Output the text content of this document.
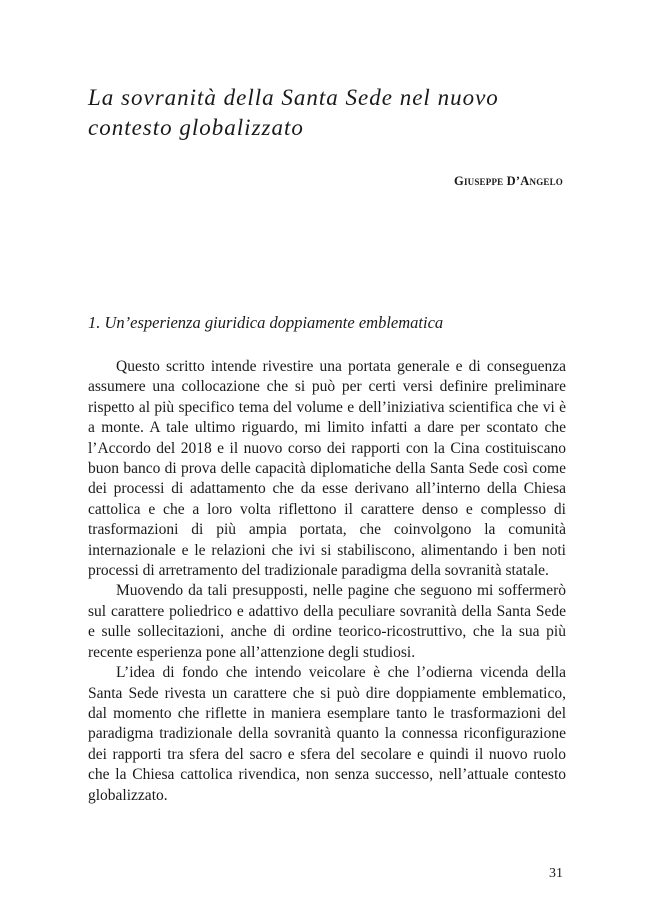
La sovranità della Santa Sede nel nuovo contesto globalizzato

Giuseppe D’Angelo

1. Un’esperienza giuridica doppiamente emblematica

Questo scritto intende rivestire una portata generale e di conseguenza assumere una collocazione che si può per certi versi definire preliminare rispetto al più specifico tema del volume e dell’iniziativa scientifica che vi è a monte. A tale ultimo riguardo, mi limito infatti a dare per scontato che l’Accordo del 2018 e il nuovo corso dei rapporti con la Cina costituiscano buon banco di prova delle capacità diplomatiche della Santa Sede così come dei processi di adattamento che da esse derivano all’interno della Chiesa cattolica e che a loro volta riflettono il carattere denso e complesso di trasformazioni di più ampia portata, che coinvolgono la comunità internazionale e le relazioni che ivi si stabiliscono, alimentando i ben noti processi di arretramento del tradizionale paradigma della sovranità statale.

Muovendo da tali presupposti, nelle pagine che seguono mi soffermerò sul carattere poliedrico e adattivo della peculiare sovranità della Santa Sede e sulle sollecitazioni, anche di ordine teorico-ricostruttivo, che la sua più recente esperienza pone all’attenzione degli studiosi.

L’idea di fondo che intendo veicolare è che l’odierna vicenda della Santa Sede rivesta un carattere che si può dire doppiamente emblematico, dal momento che riflette in maniera esemplare tanto le trasformazioni del paradigma tradizionale della sovranità quanto la connessa riconfigurazione dei rapporti tra sfera del sacro e sfera del secolare e quindi il nuovo ruolo che la Chiesa cattolica rivendica, non senza successo, nell’attuale contesto globalizzato.

31
